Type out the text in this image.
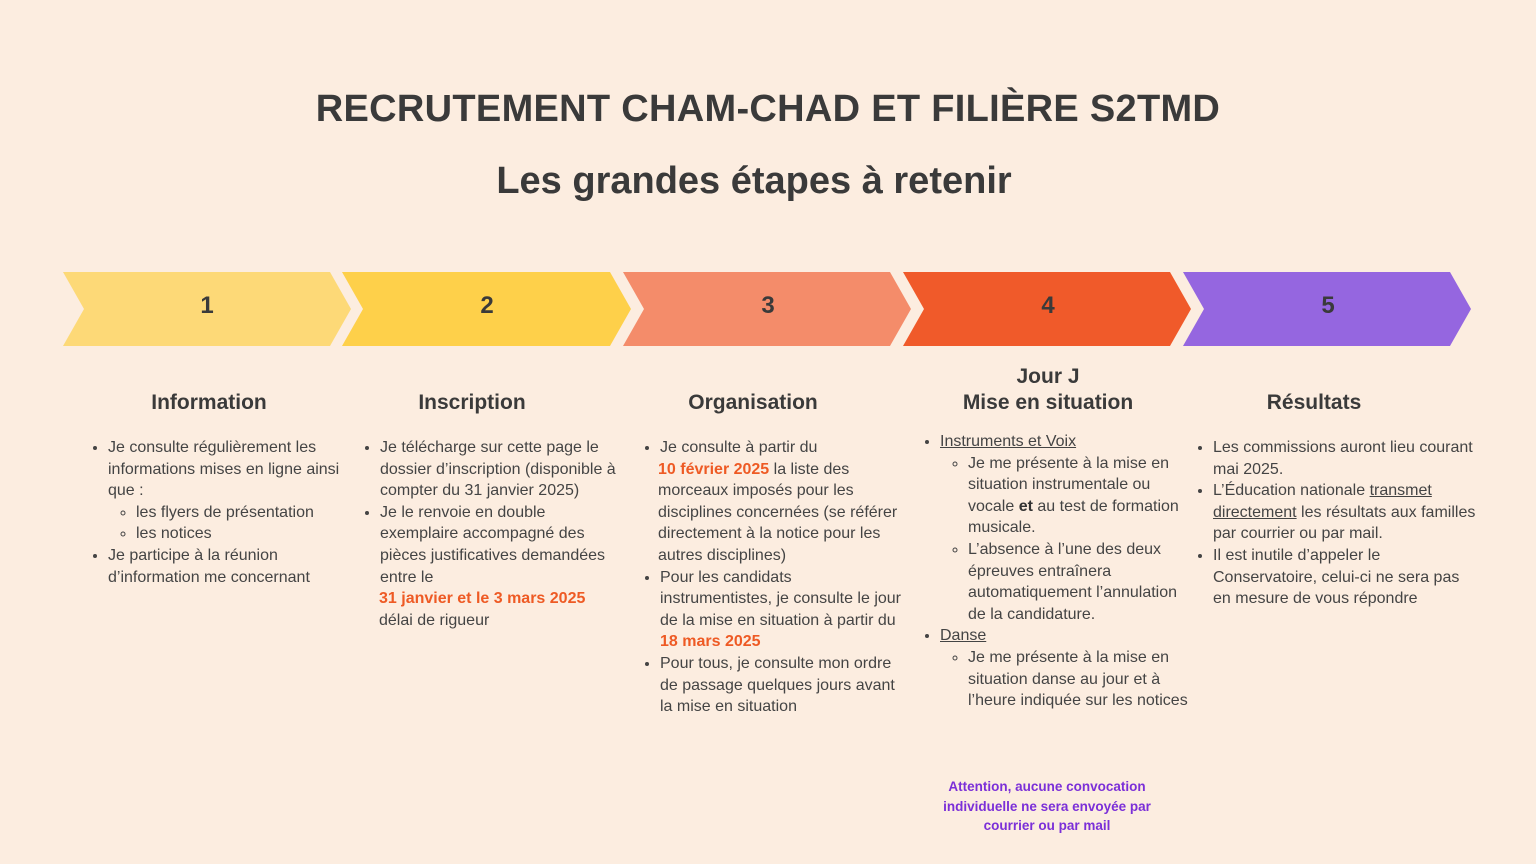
RECRUTEMENT CHAM-CHAD ET FILIÈRE S2TMD
Les grandes étapes à retenir
1	2	3	4	5
Information	Inscription	Organisation
Jour J
Mise en situation	Résultats
• Je consulte régulièrement les informations mises en ligne ainsi que :
◦ les flyers de présentation
◦ les notices
• Je participe à la réunion d’information me concernant
• Je télécharge sur cette page le dossier d’inscription (disponible à compter du 31 janvier 2025)
• Je le renvoie en double exemplaire accompagné des pièces justificatives demandées entre le
31 janvier et le 3 mars 2025
délai de rigueur
• Je consulte à partir du
10 février 2025 la liste des morceaux imposés pour les disciplines concernées (se référer directement à la notice pour les autres disciplines)
• Pour les candidats instrumentistes, je consulte le jour de la mise en situation à partir du 18 mars 2025
• Pour tous, je consulte mon ordre de passage quelques jours avant la mise en situation
• Instruments et Voix
◦ Je me présente à la mise en situation instrumentale ou vocale et au test de formation musicale.
◦ L’absence à l’une des deux épreuves entraînera automatiquement l’annulation de la candidature.
• Danse
◦ Je me présente à la mise en situation danse au jour et à l’heure indiquée sur les notices
Attention, aucune convocation individuelle ne sera envoyée par courrier ou par mail
• Les commissions auront lieu courant mai 2025.
• L’Éducation nationale transmet directement les résultats aux familles par courrier ou par mail.
• Il est inutile d’appeler le Conservatoire, celui-ci ne sera pas en mesure de vous répondre
